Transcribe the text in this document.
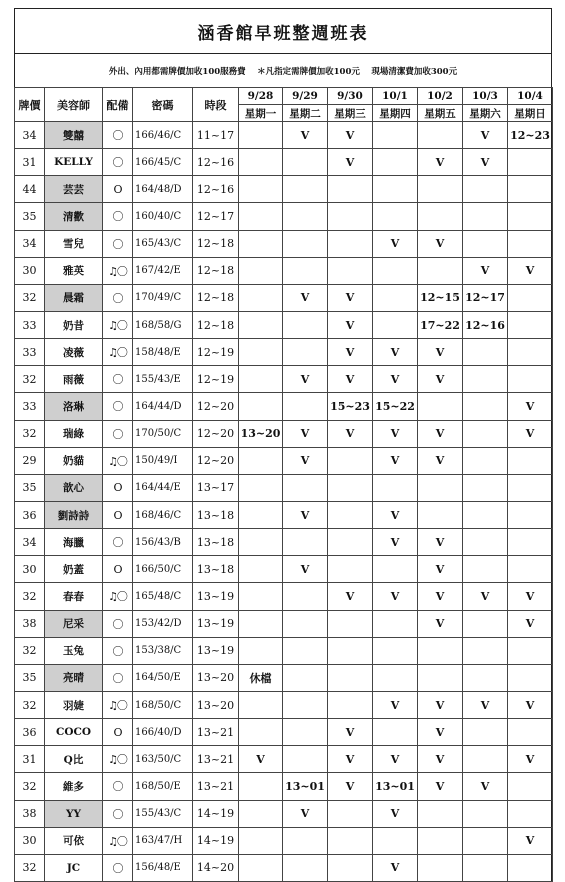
涵香館早班整週班表
外出、內用都需牌價加收100服務費　 ＊凡指定需牌價加收100元　 現場清潔費加收300元
牌價	美容師	配備	密碼	時段	9/28	9/29	9/30	10/1	10/2	10/3	10/4
					星期一	星期二	星期三	星期四	星期五	星期六	星期日
34	雙囍	〇	166/46/C	11~17		V	V			V	12~23
31	KELLY	〇	166/45/C	12~16			V		V	V	
44	芸芸	O	164/48/D	12~16							
35	清歡	〇	160/40/C	12~17							
34	雪兒	〇	165/43/C	12~18				V	V		
30	雅英	♫〇	167/42/E	12~18						V	V
32	晨霜	〇	170/49/C	12~18		V	V		12~15	12~17	
33	奶昔	♫〇	168/58/G	12~18			V		17~22	12~16	
33	凌薇	♫〇	158/48/E	12~19			V	V	V		
32	雨薇	〇	155/43/E	12~19		V	V	V	V		
33	洛琳	〇	164/44/D	12~20			15~23	15~22			V
32	瑞綠	〇	170/50/C	12~20	13~20	V	V	V	V		V
29	奶貓	♫〇	150/49/I	12~20		V		V	V		
35	歆心	O	164/44/E	13~17							
36	劉詩詩	O	168/46/C	13~18		V		V			
34	海臘	〇	156/43/B	13~18				V	V		
30	奶蓋	O	166/50/C	13~18		V			V		
32	春春	♫〇	165/48/C	13~19			V	V	V	V	V
38	尼采	〇	153/42/D	13~19					V		V
32	玉兔	〇	153/38/C	13~19							
35	亮晴	〇	164/50/E	13~20	休檔						
32	羽婕	♫〇	168/50/C	13~20				V	V	V	V
36	COCO	O	166/40/D	13~21			V		V		
31	Q比	♫〇	163/50/C	13~21	V		V	V	V		V
32	維多	〇	168/50/E	13~21		13~01	V	13~01	V	V	
38	YY	〇	155/43/C	14~19		V		V			
30	可依	♫〇	163/47/H	14~19							V
32	JC	〇	156/48/E	14~20				V			
